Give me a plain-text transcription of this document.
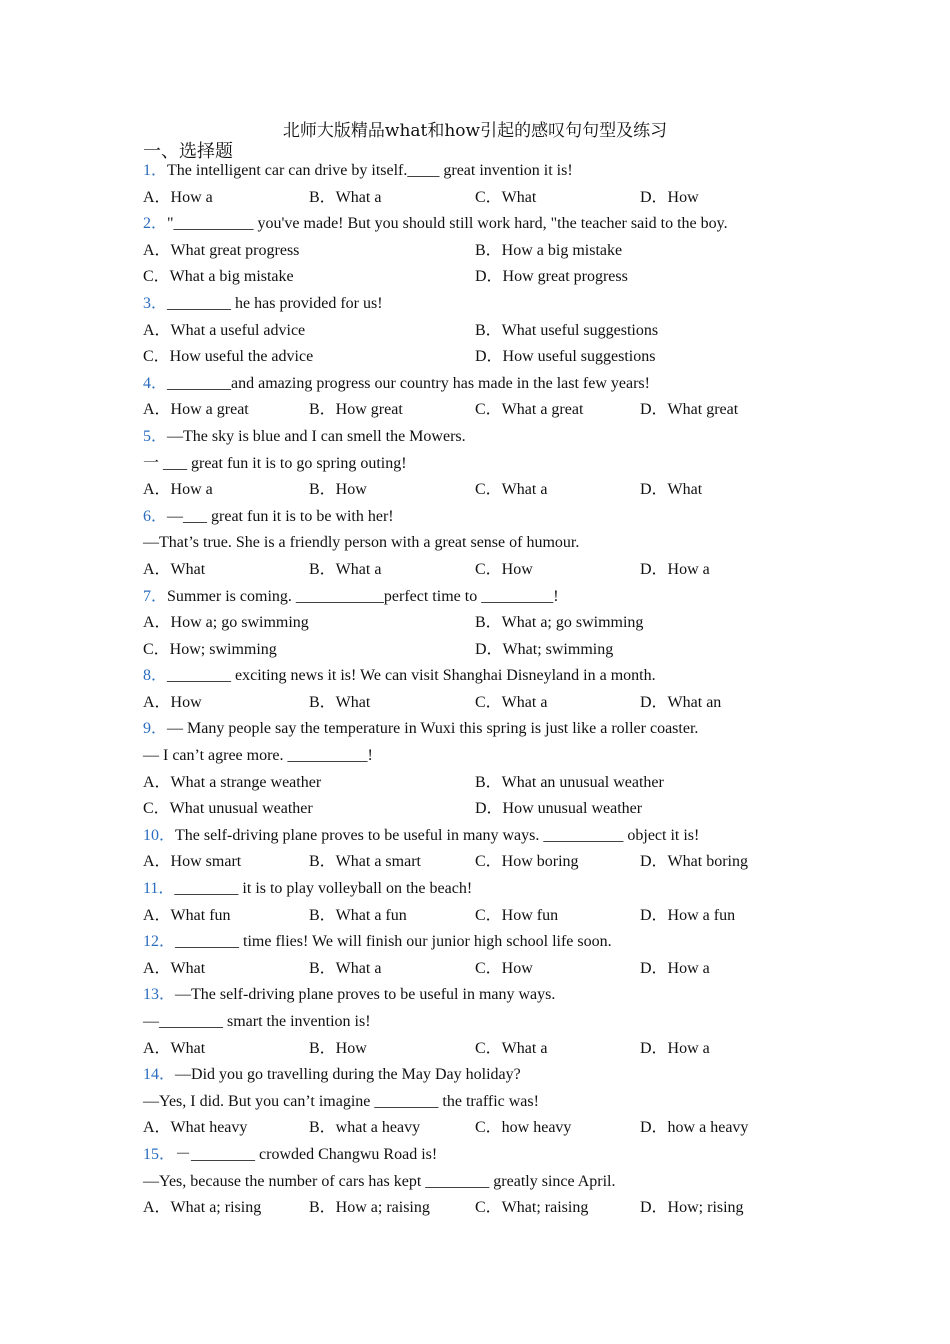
北师大版精品what和how引起的感叹句句型及练习
一、选择题
1．The intelligent car can drive by itself.____ great invention it is!
A．How a	B．What a	C．What	D．How
2．"__________ you've made! But you should still work hard, "the teacher said to the boy.
A．What great progress	B．How a big mistake
C．What a big mistake	D．How great progress
3．________ he has provided for us!
A．What a useful advice	B．What useful suggestions
C．How useful the advice	D．How useful suggestions
4．________and amazing progress our country has made in the last few years!
A．How a great	B．How great	C．What a great	D．What great
5．—The sky is blue and I can smell the Mowers.
一 ___ great fun it is to go spring outing!
A．How a	B．How	C．What a	D．What
6．—___ great fun it is to be with her!
—That’s true. She is a friendly person with a great sense of humour.
A．What	B．What a	C．How	D．How a
7．Summer is coming. ___________perfect time to _________!
A．How a; go swimming	B．What a; go swimming
C．How; swimming	D．What; swimming
8．________ exciting news it is! We can visit Shanghai Disneyland in a month.
A．How	B．What	C．What a	D．What an
9．— Many people say the temperature in Wuxi this spring is just like a roller coaster.
— I can’t agree more. __________!
A．What a strange weather	B．What an unusual weather
C．What unusual weather	D．How unusual weather
10．The self-driving plane proves to be useful in many ways. __________ object it is!
A．How smart	B．What a smart	C．How boring	D．What boring
11．________ it is to play volleyball on the beach!
A．What fun	B．What a fun	C．How fun	D．How a fun
12．________ time flies! We will finish our junior high school life soon.
A．What	B．What a	C．How	D．How a
13．—The self-driving plane proves to be useful in many ways.
—________ smart the invention is!
A．What	B．How	C．What a	D．How a
14．—Did you go travelling during the May Day holiday?
—Yes, I did. But you can’t imagine ________ the traffic was!
A．What heavy	B．what a heavy	C．how heavy	D．how a heavy
15．－________ crowded Changwu Road is!
—Yes, because the number of cars has kept ________ greatly since April.
A．What a; rising	B．How a; raising	C．What; raising	D．How; rising
